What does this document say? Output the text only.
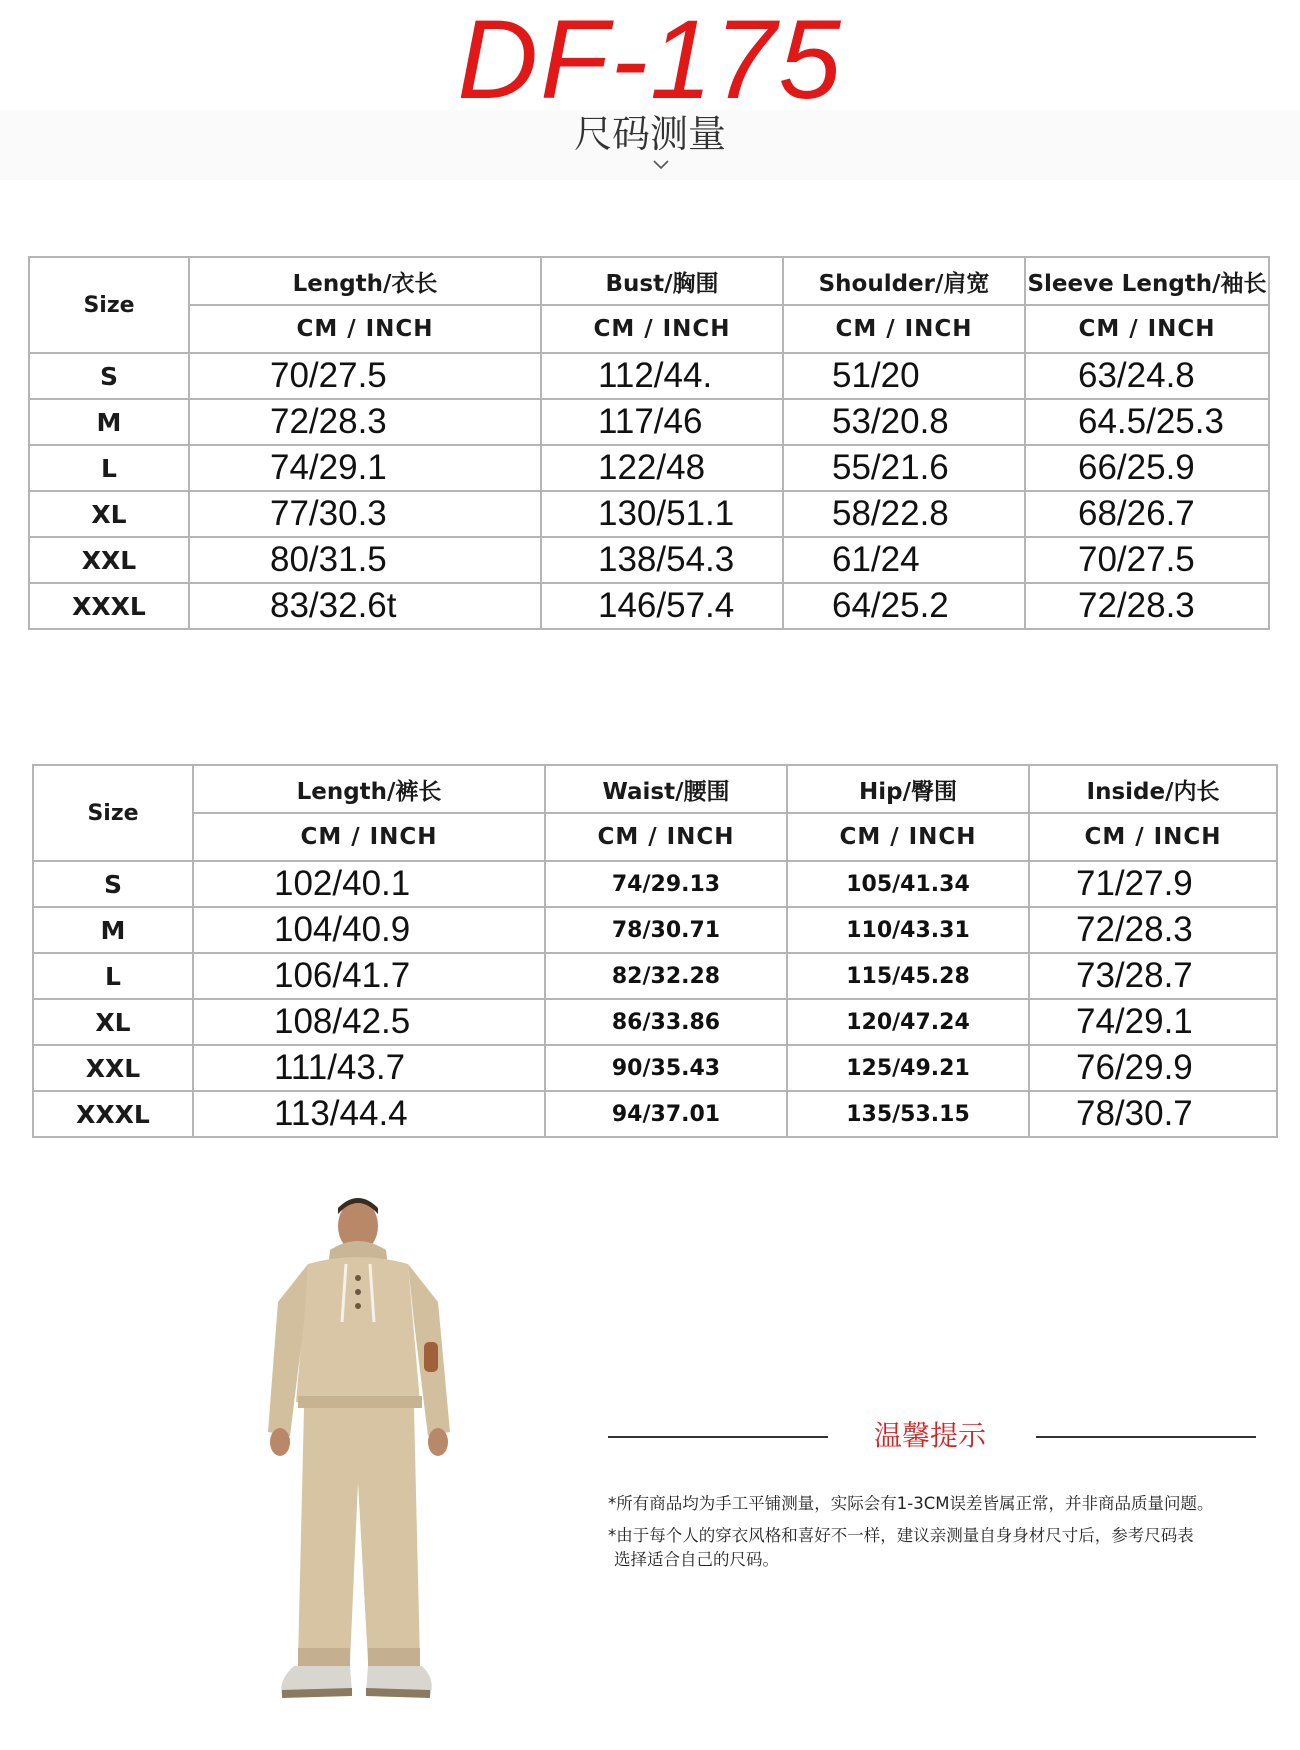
DF-175
尺码测量
Size	Length/衣长	Bust/胸围	Shoulder/肩宽	Sleeve Length/袖长
	CM / INCH	CM / INCH	CM / INCH	CM / INCH
S	70/27.5	112/44.	51/20	63/24.8
M	72/28.3	117/46	53/20.8	64.5/25.3
L	74/29.1	122/48	55/21.6	66/25.9
XL	77/30.3	130/51.1	58/22.8	68/26.7
XXL	80/31.5	138/54.3	61/24	70/27.5
XXXL	83/32.6t	146/57.4	64/25.2	72/28.3
Size	Length/裤长	Waist/腰围	Hip/臀围	Inside/内长
	CM / INCH	CM / INCH	CM / INCH	CM / INCH
S	102/40.1	74/29.13	105/41.34	71/27.9
M	104/40.9	78/30.71	110/43.31	72/28.3
L	106/41.7	82/32.28	115/45.28	73/28.7
XL	108/42.5	86/33.86	120/47.24	74/29.1
XXL	111/43.7	90/35.43	125/49.21	76/29.9
XXXL	113/44.4	94/37.01	135/53.15	78/30.7
温馨提示
*所有商品均为手工平铺测量，实际会有1-3CM误差皆属正常，并非商品质量问题。
*由于每个人的穿衣风格和喜好不一样，建议亲测量自身身材尺寸后，参考尺码表
选择适合自己的尺码。
